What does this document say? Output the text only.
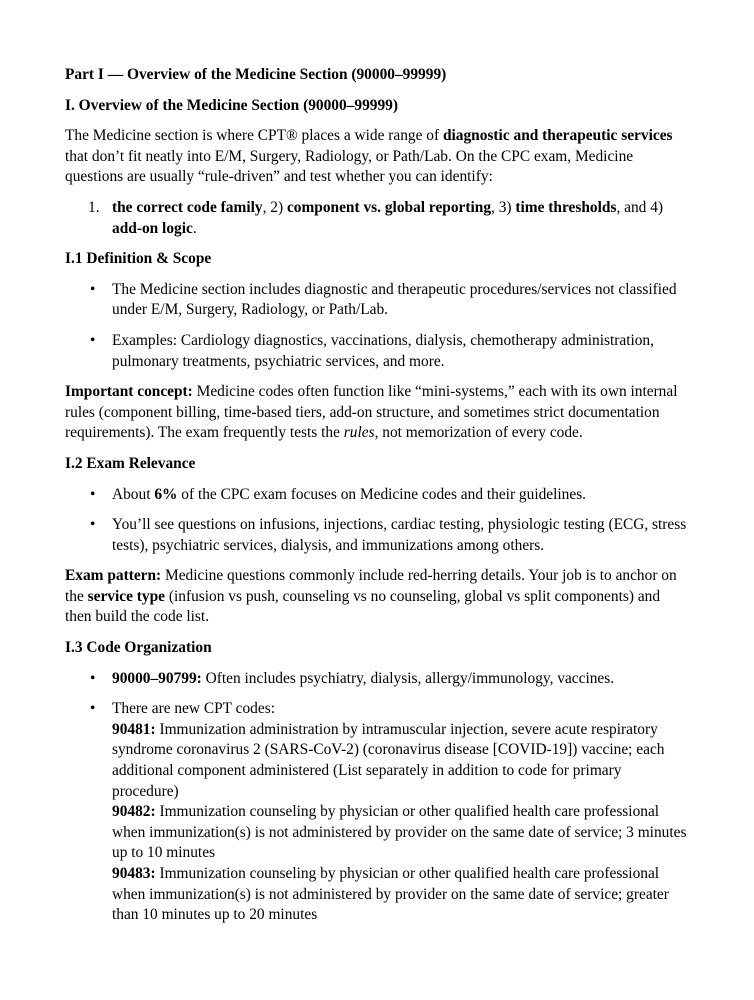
Part I — Overview of the Medicine Section (90000–99999)
I. Overview of the Medicine Section (90000–99999)
The Medicine section is where CPT® places a wide range of diagnostic and therapeutic services that don’t fit neatly into E/M, Surgery, Radiology, or Path/Lab. On the CPC exam, Medicine questions are usually “rule-driven” and test whether you can identify:
1. the correct code family, 2) component vs. global reporting, 3) time thresholds, and 4) add-on logic.
I.1 Definition & Scope
• The Medicine section includes diagnostic and therapeutic procedures/services not classified under E/M, Surgery, Radiology, or Path/Lab.
• Examples: Cardiology diagnostics, vaccinations, dialysis, chemotherapy administration, pulmonary treatments, psychiatric services, and more.
Important concept: Medicine codes often function like “mini-systems,” each with its own internal rules (component billing, time-based tiers, add-on structure, and sometimes strict documentation requirements). The exam frequently tests the rules, not memorization of every code.
I.2 Exam Relevance
• About 6% of the CPC exam focuses on Medicine codes and their guidelines.
• You’ll see questions on infusions, injections, cardiac testing, physiologic testing (ECG, stress tests), psychiatric services, dialysis, and immunizations among others.
Exam pattern: Medicine questions commonly include red-herring details. Your job is to anchor on the service type (infusion vs push, counseling vs no counseling, global vs split components) and then build the code list.
I.3 Code Organization
• 90000–90799: Often includes psychiatry, dialysis, allergy/immunology, vaccines.
• There are new CPT codes:
90481: Immunization administration by intramuscular injection, severe acute respiratory syndrome coronavirus 2 (SARS-CoV-2) (coronavirus disease [COVID-19]) vaccine; each additional component administered (List separately in addition to code for primary procedure)
90482: Immunization counseling by physician or other qualified health care professional when immunization(s) is not administered by provider on the same date of service; 3 minutes up to 10 minutes
90483: Immunization counseling by physician or other qualified health care professional when immunization(s) is not administered by provider on the same date of service; greater than 10 minutes up to 20 minutes
